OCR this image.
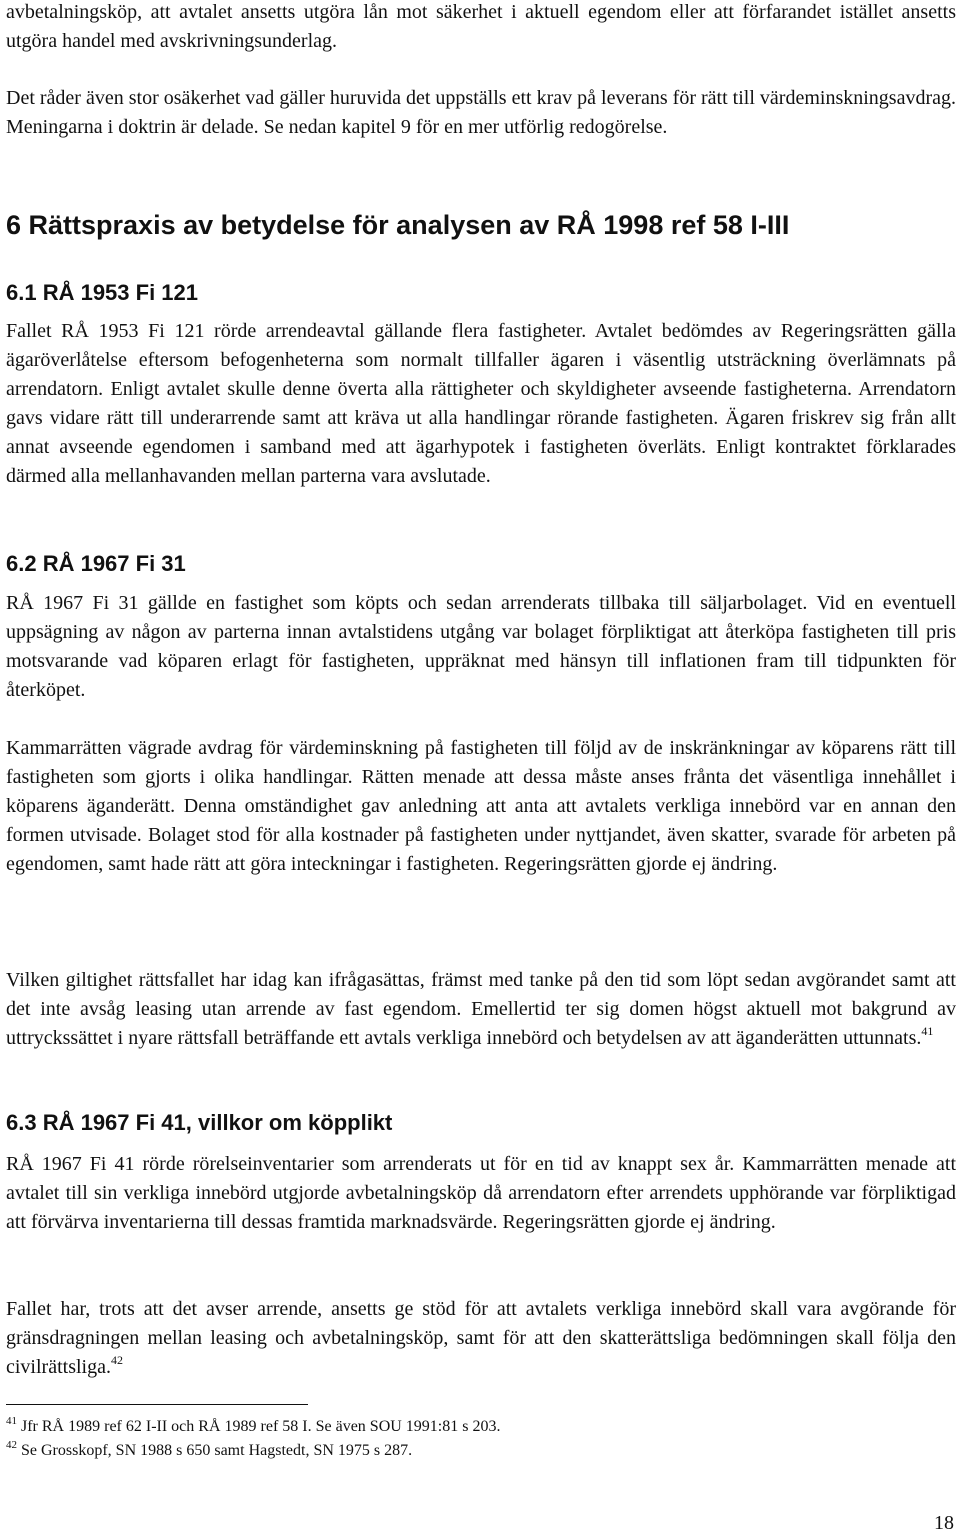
avbetalningsköp, att avtalet ansetts utgöra lån mot säkerhet i aktuell egendom eller att förfarandet istället ansetts utgöra handel med avskrivningsunderlag.

Det råder även stor osäkerhet vad gäller huruvida det uppställs ett krav på leverans för rätt till värdeminskningsavdrag. Meningarna i doktrin är delade. Se nedan kapitel 9 för en mer utförlig redogörelse.

6 Rättspraxis av betydelse för analysen av RÅ 1998 ref 58 I-III
6.1 RÅ 1953 Fi 121

Fallet RÅ 1953 Fi 121 rörde arrendeavtal gällande flera fastigheter. Avtalet bedömdes av Regeringsrätten gälla ägaröverlåtelse eftersom befogenheterna som normalt tillfaller ägaren i väsentlig utsträckning överlämnats på arrendatorn. Enligt avtalet skulle denne överta alla rättigheter och skyldigheter avseende fastigheterna. Arrendatorn gavs vidare rätt till underarrende samt att kräva ut alla handlingar rörande fastigheten. Ägaren friskrev sig från allt annat avseende egendomen i samband med att ägarhypotek i fastigheten överläts. Enligt kontraktet förklarades därmed alla mellanhavanden mellan parterna vara avslutade.

6.2 RÅ 1967 Fi 31

RÅ 1967 Fi 31 gällde en fastighet som köpts och sedan arrenderats tillbaka till säljarbolaget. Vid en eventuell uppsägning av någon av parterna innan avtalstidens utgång var bolaget förpliktigat att återköpa fastigheten till pris motsvarande vad köparen erlagt för fastigheten, uppräknat med hänsyn till inflationen fram till tidpunkten för återköpet.

Kammarrätten vägrade avdrag för värdeminskning på fastigheten till följd av de inskränkningar av köparens rätt till fastigheten som gjorts i olika handlingar. Rätten menade att dessa måste anses frånta det väsentliga innehållet i köparens äganderätt. Denna omständighet gav anledning att anta att avtalets verkliga innebörd var en annan den formen utvisade. Bolaget stod för alla kostnader på fastigheten under nyttjandet, även skatter, svarade för arbeten på egendomen, samt hade rätt att göra inteckningar i fastigheten. Regeringsrätten gjorde ej ändring.

Vilken giltighet rättsfallet har idag kan ifrågasättas, främst med tanke på den tid som löpt sedan avgörandet samt att det inte avsåg leasing utan arrende av fast egendom. Emellertid ter sig domen högst aktuell mot bakgrund av uttryckssättet i nyare rättsfall beträffande ett avtals verkliga innebörd och betydelsen av att äganderätten uttunnats.$^{41}$

6.3 RÅ 1967 Fi 41, villkor om köpplikt

RÅ 1967 Fi 41 rörde rörelseinventarier som arrenderats ut för en tid av knappt sex år. Kammarrätten menade att avtalet till sin verkliga innebörd utgjorde avbetalningsköp då arrendatorn efter arrendets upphörande var förpliktigad att förvärva inventarierna till dessas framtida marknadsvärde. Regeringsrätten gjorde ej ändring.

Fallet har, trots att det avser arrende, ansetts ge stöd för att avtalets verkliga innebörd skall vara avgörande för gränsdragningen mellan leasing och avbetalningsköp, samt för att den skatterättsliga bedömningen skall följa den civilrättsliga.$^{42}$

$^{41}$ Jfr RÅ 1989 ref 62 I-II och RÅ 1989 ref 58 I. Se även SOU 1991:81 s 203.

$^{42}$ Se Grosskopf, SN 1988 s 650 samt Hagstedt, SN 1975 s 287.

18
